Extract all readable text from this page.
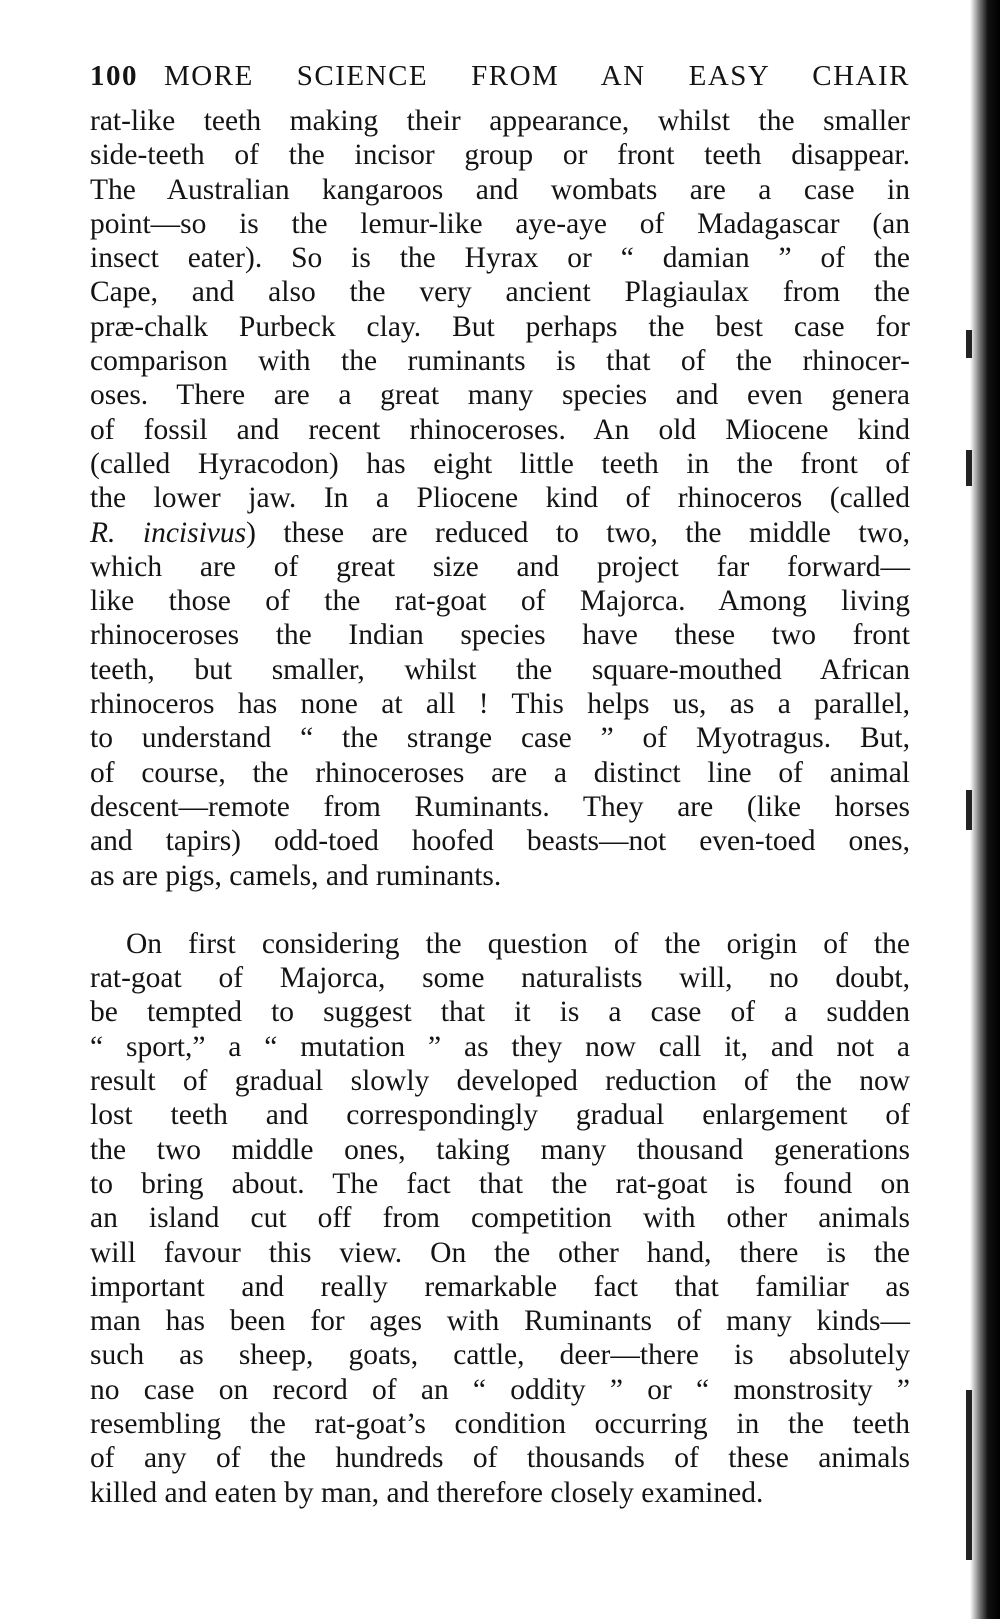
100 MORE SCIENCE FROM AN EASY CHAIR

rat-like teeth making their appearance, whilst the smaller
side-teeth of the incisor group or front teeth disappear.
The Australian kangaroos and wombats are a case in
point—so is the lemur-like aye-aye of Madagascar (an
insect eater). So is the Hyrax or “ damian ” of the
Cape, and also the very ancient Plagiaulax from the
præ-chalk Purbeck clay. But perhaps the best case for
comparison with the ruminants is that of the rhinocer-
oses. There are a great many species and even genera
of fossil and recent rhinoceroses. An old Miocene kind
(called Hyracodon) has eight little teeth in the front of
the lower jaw. In a Pliocene kind of rhinoceros (called
R. incisivus) these are reduced to two, the middle two,
which are of great size and project far forward—
like those of the rat-goat of Majorca. Among living
rhinoceroses the Indian species have these two front
teeth, but smaller, whilst the square-mouthed African
rhinoceros has none at all ! This helps us, as a parallel,
to understand “ the strange case ” of Myotragus. But,
of course, the rhinoceroses are a distinct line of animal
descent—remote from Ruminants. They are (like horses
and tapirs) odd-toed hoofed beasts—not even-toed ones,
as are pigs, camels, and ruminants.

On first considering the question of the origin of the
rat-goat of Majorca, some naturalists will, no doubt,
be tempted to suggest that it is a case of a sudden
“ sport,” a “ mutation ” as they now call it, and not a
result of gradual slowly developed reduction of the now
lost teeth and correspondingly gradual enlargement of
the two middle ones, taking many thousand generations
to bring about. The fact that the rat-goat is found on
an island cut off from competition with other animals
will favour this view. On the other hand, there is the
important and really remarkable fact that familiar as
man has been for ages with Ruminants of many kinds—
such as sheep, goats, cattle, deer—there is absolutely
no case on record of an “ oddity ” or “ monstrosity ”
resembling the rat-goat’s condition occurring in the teeth
of any of the hundreds of thousands of these animals
killed and eaten by man, and therefore closely examined.
